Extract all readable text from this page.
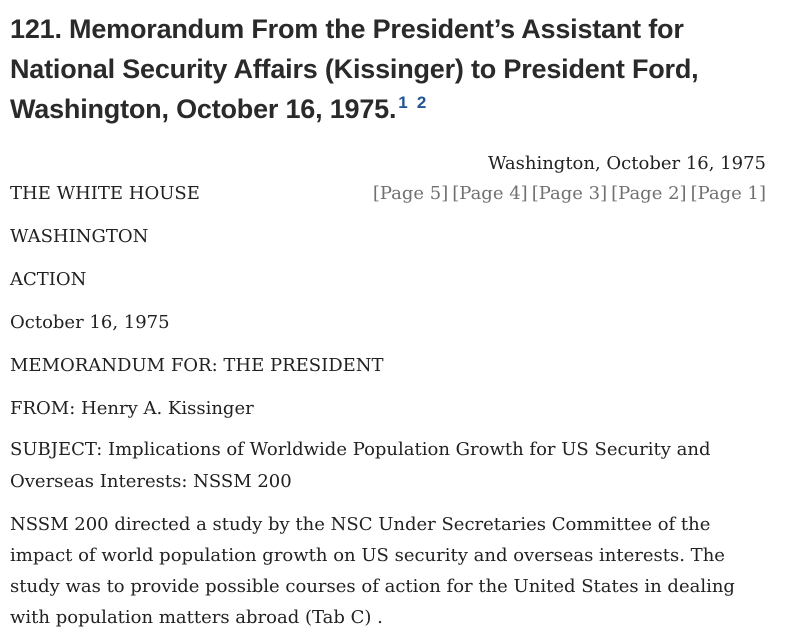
121. Memorandum From the President’s Assistant for National Security Affairs (Kissinger) to President Ford, Washington, October 16, 1975. $^1$ $^2$
Washington, October 16, 1975
THE WHITE HOUSE	[Page 5] [Page 4] [Page 3] [Page 2] [Page 1]
WASHINGTON
ACTION
October 16, 1975
MEMORANDUM FOR: THE PRESIDENT
FROM: Henry A. Kissinger
SUBJECT: Implications of Worldwide Population Growth for US Security and Overseas Interests: NSSM 200
NSSM 200 directed a study by the NSC Under Secretaries Committee of the impact of world population growth on US security and overseas interests. The study was to provide possible courses of action for the United States in dealing with population matters abroad (Tab C) .
